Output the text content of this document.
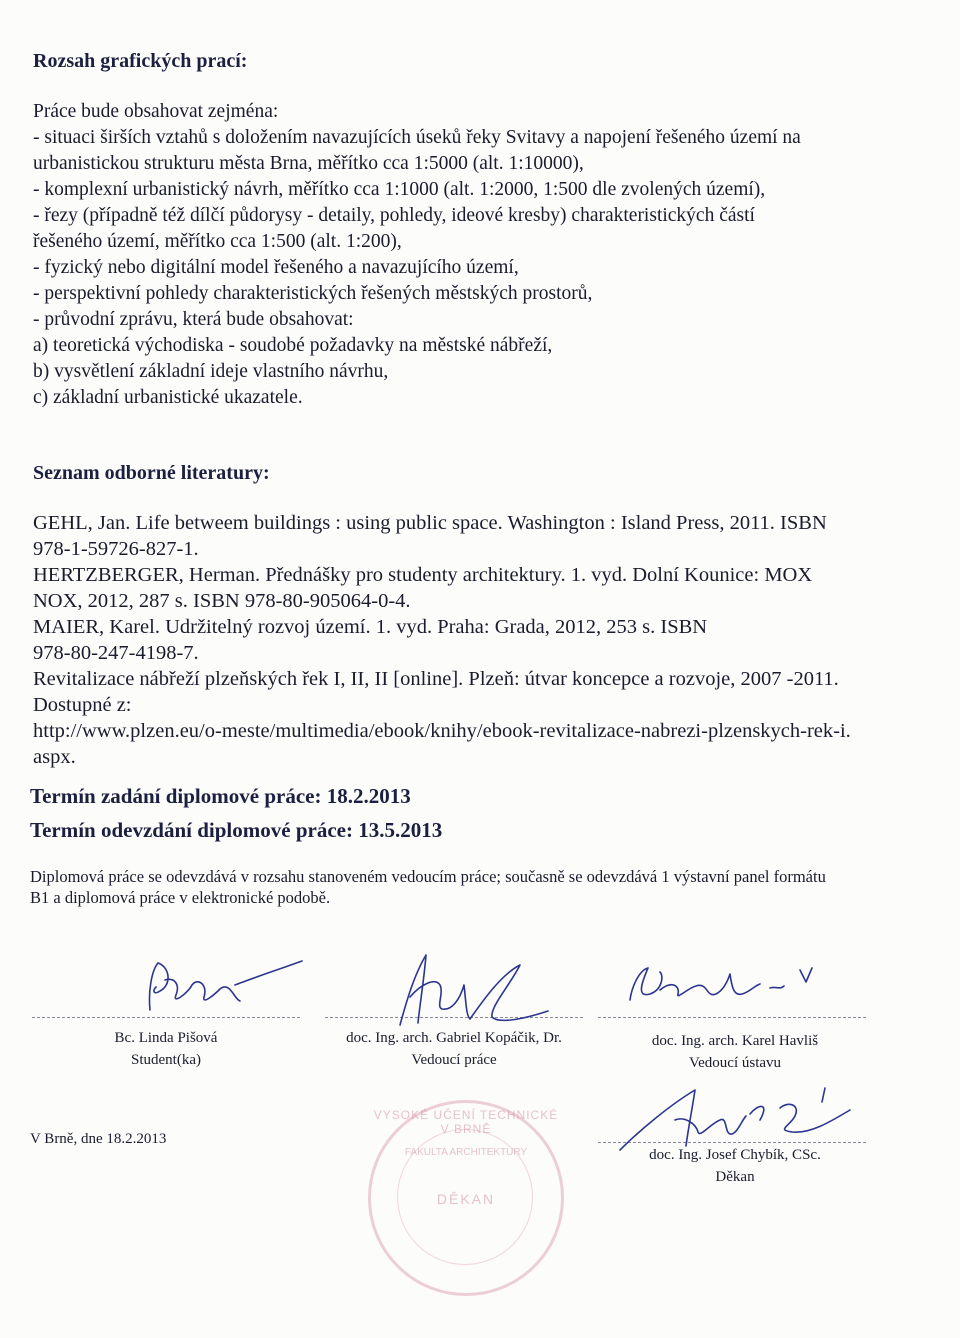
Rozsah grafických prací:
Práce bude obsahovat zejména:
- situaci širších vztahů s doložením navazujících úseků řeky Svitavy a napojení řešeného území na
urbanistickou strukturu města Brna, měřítko cca 1:5000 (alt. 1:10000),
- komplexní urbanistický návrh, měřítko cca 1:1000 (alt. 1:2000, 1:500 dle zvolených území),
- řezy (případně též dílčí půdorysy - detaily, pohledy, ideové kresby) charakteristických částí
řešeného území, měřítko cca 1:500 (alt. 1:200),
- fyzický nebo digitální model řešeného a navazujícího území,
- perspektivní pohledy charakteristických řešených městských prostorů,
- průvodní zprávu, která bude obsahovat:
a) teoretická východiska - soudobé požadavky na městské nábřeží,
b) vysvětlení základní ideje vlastního návrhu,
c) základní urbanistické ukazatele.
Seznam odborné literatury:
GEHL, Jan. Life betweem buildings : using public space. Washington : Island Press, 2011. ISBN
978-1-59726-827-1.
HERTZBERGER, Herman. Přednášky pro studenty architektury. 1. vyd. Dolní Kounice: MOX
NOX, 2012, 287 s. ISBN 978-80-905064-0-4.
MAIER, Karel. Udržitelný rozvoj území. 1. vyd. Praha: Grada, 2012, 253 s. ISBN
978-80-247-4198-7.
Revitalizace nábřeží plzeňských řek I, II, II [online]. Plzeň: útvar koncepce a rozvoje, 2007 -2011.
Dostupné z:
http://www.plzen.eu/o-meste/multimedia/ebook/knihy/ebook-revitalizace-nabrezi-plzenskych-rek-i.
aspx.
Termín zadání diplomové práce: 18.2.2013
Termín odevzdání diplomové práce: 13.5.2013
Diplomová práce se odevzdává v rozsahu stanoveném vedoucím práce; současně se odevzdává 1 výstavní panel formátu B1 a diplomová práce v elektronické podobě.
VYSOKÉ UČENÍ TECHNICKÉ V BRNĚ
FAKULTA ARCHITEKTURY
DĚKAN
Bc. Linda Pišová
Student(ka)
doc. Ing. arch. Gabriel Kopáčik, Dr.
Vedoucí práce
doc. Ing. arch. Karel Havliš
Vedoucí ústavu
doc. Ing. Josef Chybík, CSc.
Děkan
V Brně, dne 18.2.2013
